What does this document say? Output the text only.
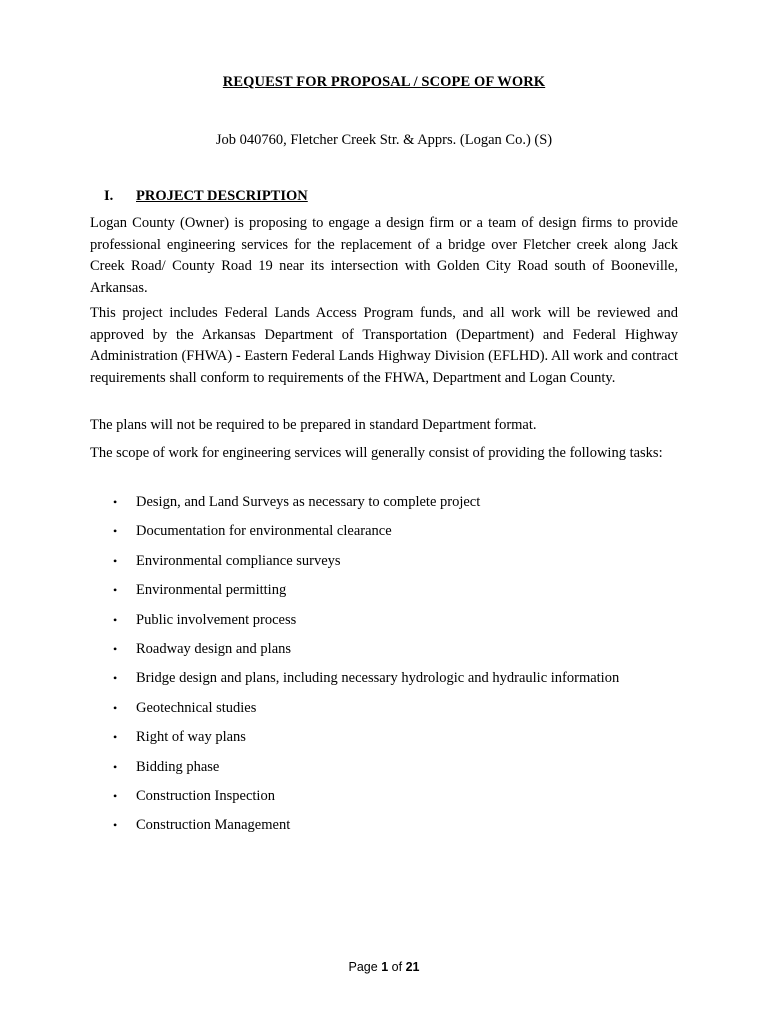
REQUEST FOR PROPOSAL / SCOPE OF WORK
Job 040760, Fletcher Creek Str. & Apprs. (Logan Co.) (S)
I.	PROJECT DESCRIPTION

Logan County (Owner) is proposing to engage a design firm or a team of design firms to provide professional engineering services for the replacement of a bridge over Fletcher creek along Jack Creek Road/ County Road 19 near its intersection with Golden City Road south of Booneville, Arkansas.

This project includes Federal Lands Access Program funds, and all work will be reviewed and approved by the Arkansas Department of Transportation (Department) and Federal Highway Administration (FHWA) - Eastern Federal Lands Highway Division (EFLHD). All work and contract requirements shall conform to requirements of the FHWA, Department and Logan County.

The plans will not be required to be prepared in standard Department format.

The scope of work for engineering services will generally consist of providing the following tasks:

• Design, and Land Surveys as necessary to complete project
• Documentation for environmental clearance
• Environmental compliance surveys
• Environmental permitting
• Public involvement process
• Roadway design and plans
• Bridge design and plans, including necessary hydrologic and hydraulic information
• Geotechnical studies
• Right of way plans
• Bidding phase
• Construction Inspection
• Construction Management
Page 1 of 21
